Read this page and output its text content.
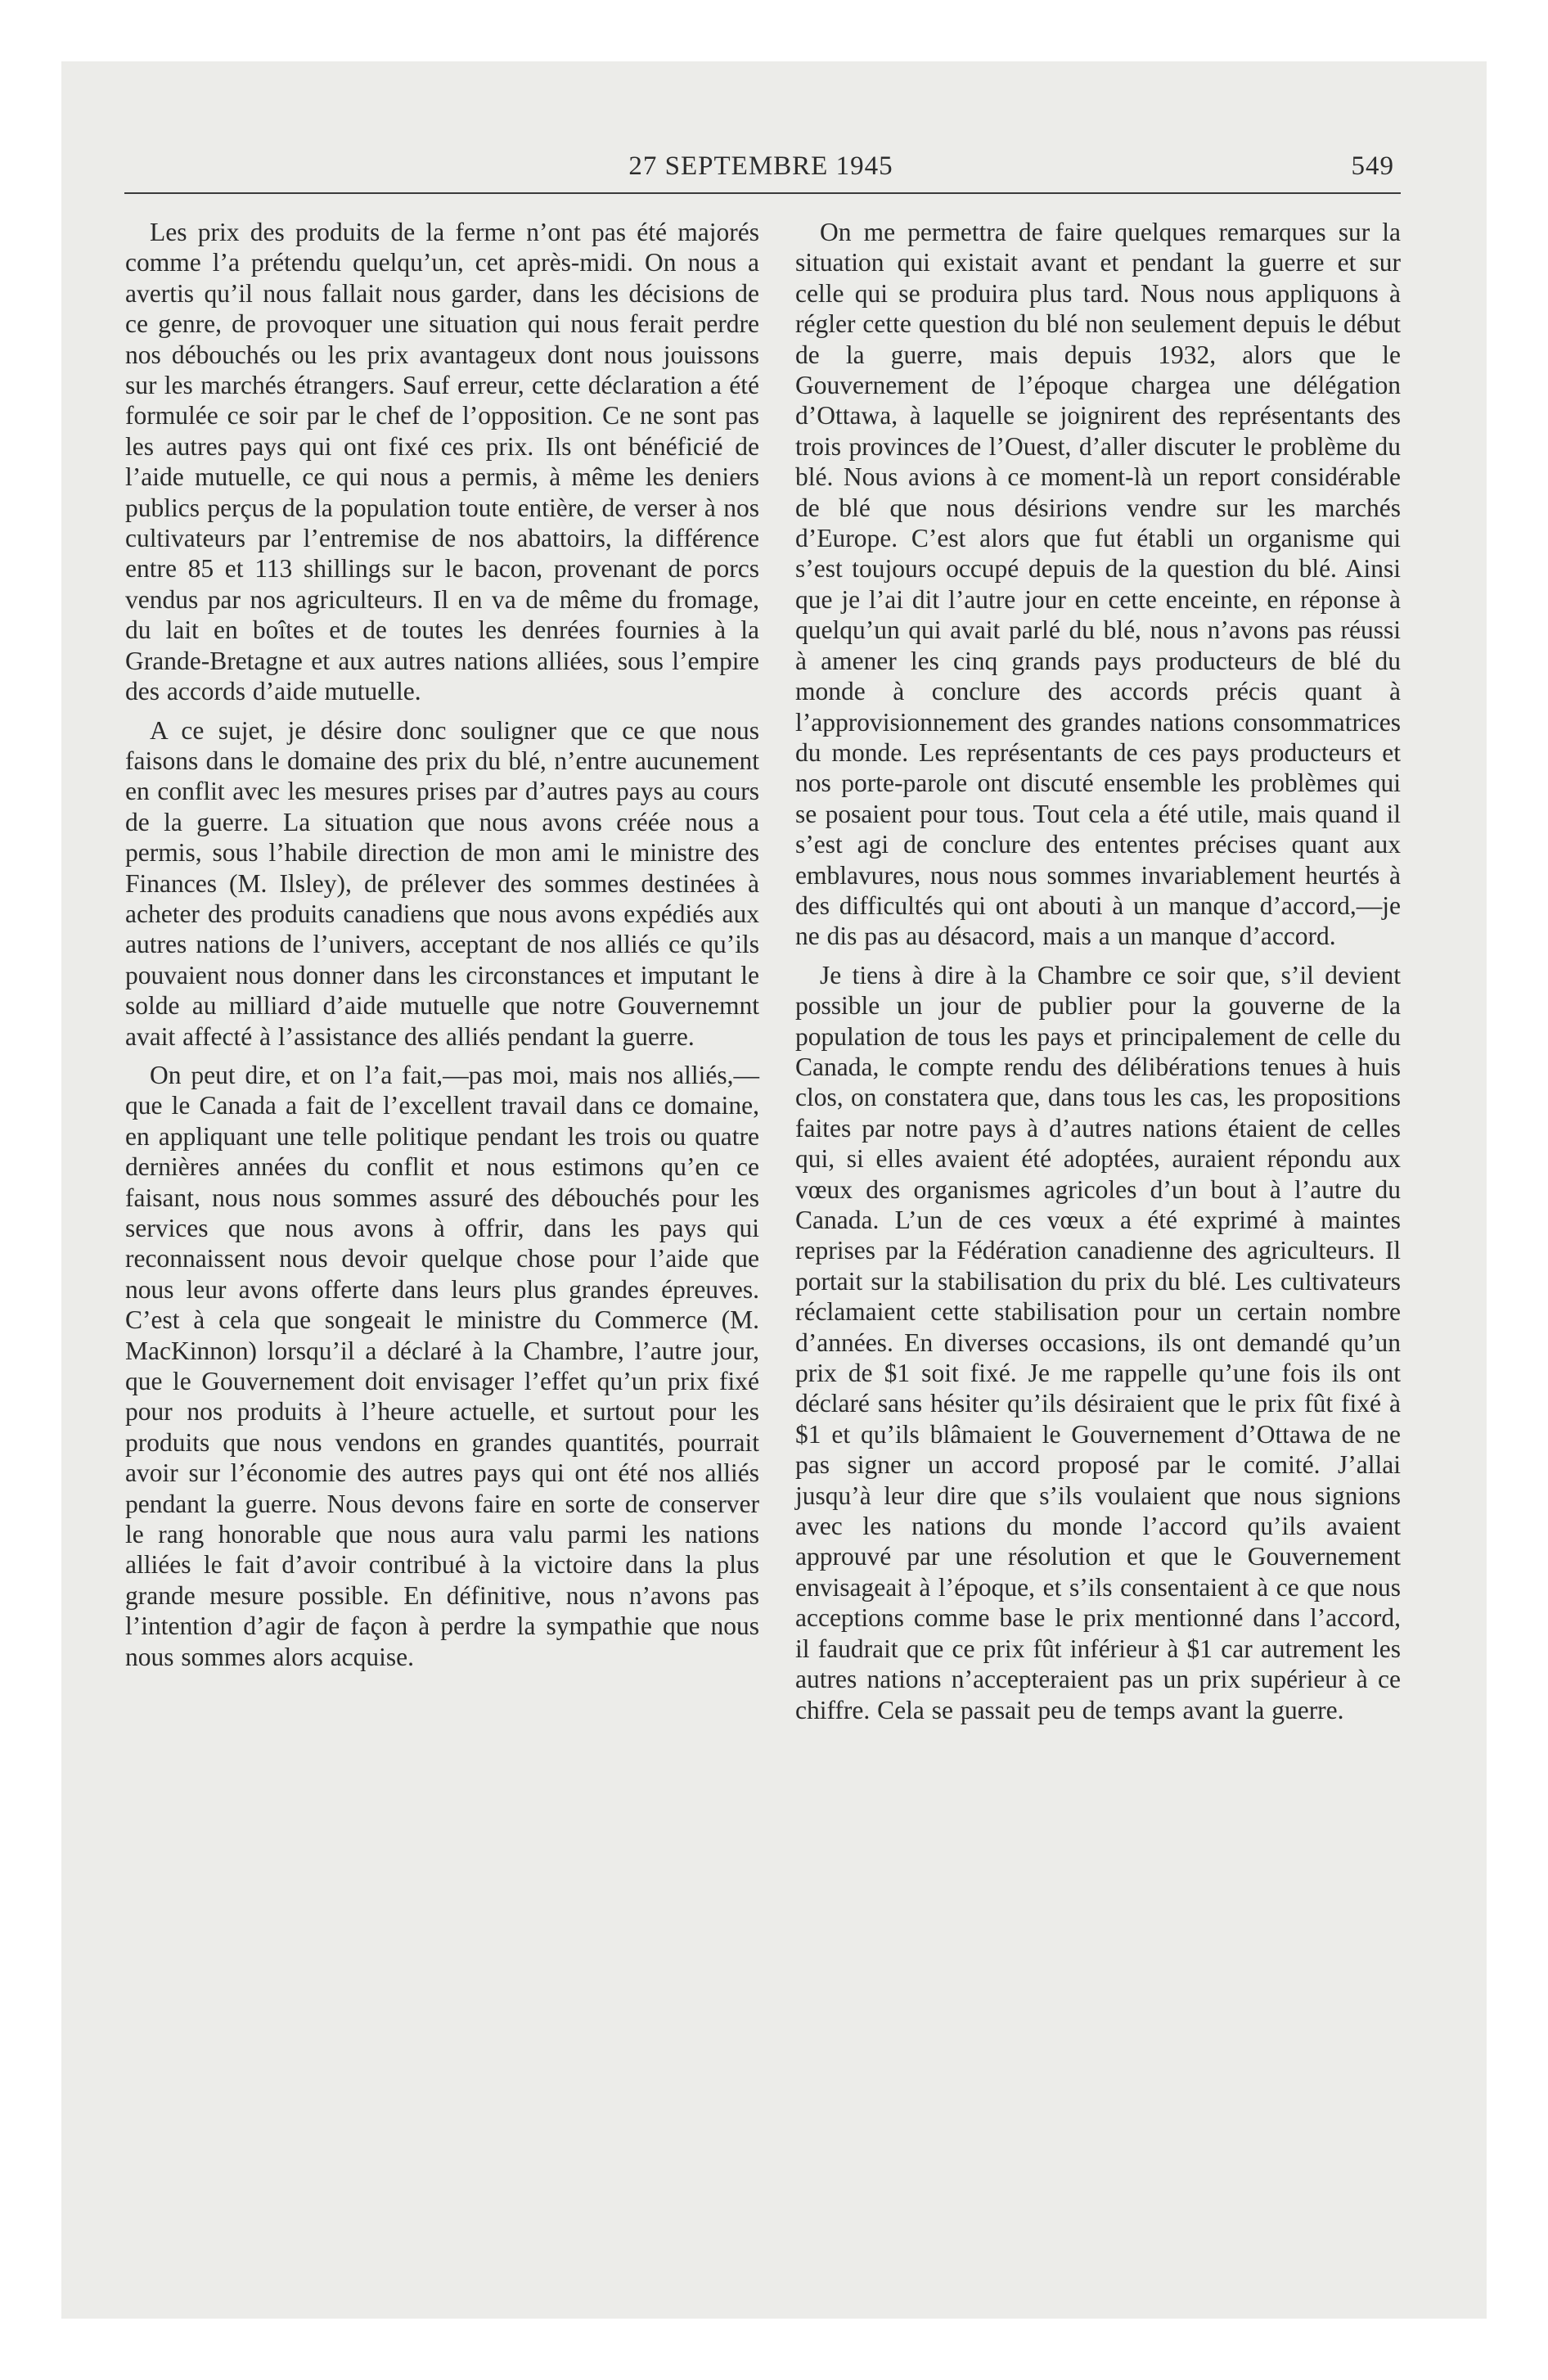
27 SEPTEMBRE 1945	549

Les prix des produits de la ferme n’ont pas été majorés comme l’a prétendu quelqu’un, cet après-midi. On nous a avertis qu’il nous fallait nous garder, dans les décisions de ce genre, de provoquer une situation qui nous ferait perdre nos débouchés ou les prix avantageux dont nous jouissons sur les marchés étrangers. Sauf erreur, cette déclaration a été formulée ce soir par le chef de l’opposition. Ce ne sont pas les autres pays qui ont fixé ces prix. Ils ont bénéficié de l’aide mutuelle, ce qui nous a permis, à même les deniers publics perçus de la population toute entière, de verser à nos cultivateurs par l’entremise de nos abattoirs, la différence entre 85 et 113 shillings sur le bacon, provenant de porcs vendus par nos agriculteurs. Il en va de même du fromage, du lait en boîtes et de toutes les denrées fournies à la Grande-Bretagne et aux autres nations alliées, sous l’empire des accords d’aide mutuelle.

A ce sujet, je désire donc souligner que ce que nous faisons dans le domaine des prix du blé, n’entre aucunement en conflit avec les mesures prises par d’autres pays au cours de la guerre. La situation que nous avons créée nous a permis, sous l’habile direction de mon ami le ministre des Finances (M. Ilsley), de prélever des sommes destinées à acheter des produits canadiens que nous avons expédiés aux autres nations de l’univers, acceptant de nos alliés ce qu’ils pouvaient nous donner dans les circonstances et imputant le solde au milliard d’aide mutuelle que notre Gouvernemnt avait affecté à l’assistance des alliés pendant la guerre.

On peut dire, et on l’a fait,—pas moi, mais nos alliés,—que le Canada a fait de l’excellent travail dans ce domaine, en appliquant une telle politique pendant les trois ou quatre dernières années du conflit et nous estimons qu’en ce faisant, nous nous sommes assuré des débouchés pour les services que nous avons à offrir, dans les pays qui reconnaissent nous devoir quelque chose pour l’aide que nous leur avons offerte dans leurs plus grandes épreuves. C’est à cela que songeait le ministre du Commerce (M. MacKinnon) lorsqu’il a déclaré à la Chambre, l’autre jour, que le Gouvernement doit envisager l’effet qu’un prix fixé pour nos produits à l’heure actuelle, et surtout pour les produits que nous vendons en grandes quantités, pourrait avoir sur l’économie des autres pays qui ont été nos alliés pendant la guerre. Nous devons faire en sorte de conserver le rang honorable que nous aura valu parmi les nations alliées le fait d’avoir contribué à la victoire dans la plus grande mesure possible. En définitive, nous n’avons pas l’intention d’agir de façon à perdre la sympathie que nous nous sommes alors acquise.

On me permettra de faire quelques remarques sur la situation qui existait avant et pendant la guerre et sur celle qui se produira plus tard. Nous nous appliquons à régler cette question du blé non seulement depuis le début de la guerre, mais depuis 1932, alors que le Gouvernement de l’époque chargea une délégation d’Ottawa, à laquelle se joignirent des représentants des trois provinces de l’Ouest, d’aller discuter le problème du blé. Nous avions à ce moment-là un report considérable de blé que nous désirions vendre sur les marchés d’Europe. C’est alors que fut établi un organisme qui s’est toujours occupé depuis de la question du blé. Ainsi que je l’ai dit l’autre jour en cette enceinte, en réponse à quelqu’un qui avait parlé du blé, nous n’avons pas réussi à amener les cinq grands pays producteurs de blé du monde à conclure des accords précis quant à l’approvisionnement des grandes nations consommatrices du monde. Les représentants de ces pays producteurs et nos porte-parole ont discuté ensemble les problèmes qui se posaient pour tous. Tout cela a été utile, mais quand il s’est agi de conclure des ententes précises quant aux emblavures, nous nous sommes invariablement heurtés à des difficultés qui ont abouti à un manque d’accord,—je ne dis pas au désacord, mais a un manque d’accord.

Je tiens à dire à la Chambre ce soir que, s’il devient possible un jour de publier pour la gouverne de la population de tous les pays et principalement de celle du Canada, le compte rendu des délibérations tenues à huis clos, on constatera que, dans tous les cas, les propositions faites par notre pays à d’autres nations étaient de celles qui, si elles avaient été adoptées, auraient répondu aux vœux des organismes agricoles d’un bout à l’autre du Canada. L’un de ces vœux a été exprimé à maintes reprises par la Fédération canadienne des agriculteurs. Il portait sur la stabilisation du prix du blé. Les cultivateurs réclamaient cette stabilisation pour un certain nombre d’années. En diverses occasions, ils ont demandé qu’un prix de $1 soit fixé. Je me rappelle qu’une fois ils ont déclaré sans hésiter qu’ils désiraient que le prix fût fixé à $1 et qu’ils blâmaient le Gouvernement d’Ottawa de ne pas signer un accord proposé par le comité. J’allai jusqu’à leur dire que s’ils voulaient que nous signions avec les nations du monde l’accord qu’ils avaient approuvé par une résolution et que le Gouvernement envisageait à l’époque, et s’ils consentaient à ce que nous acceptions comme base le prix mentionné dans l’accord, il faudrait que ce prix fût inférieur à $1 car autrement les autres nations n’accepteraient pas un prix supérieur à ce chiffre. Cela se passait peu de temps avant la guerre.
